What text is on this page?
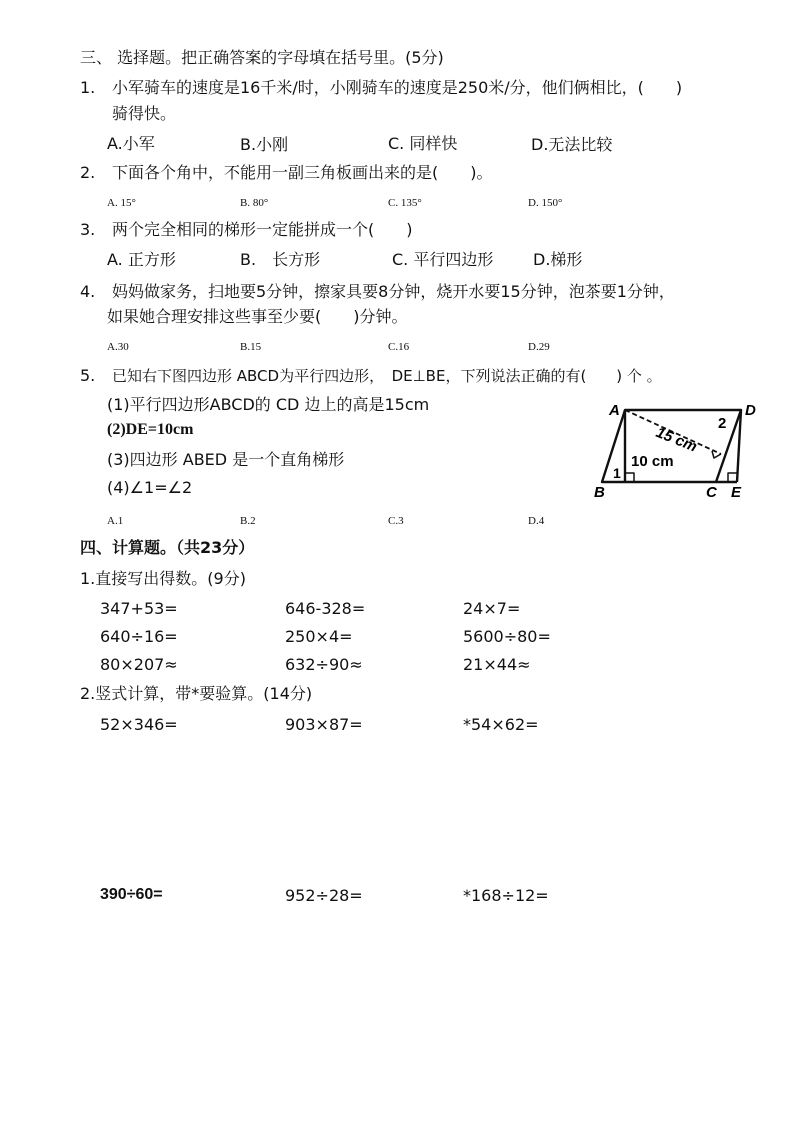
三、 选择题。把正确答案的字母填在括号里。(5分)
1. 小军骑车的速度是16千米/时，小刚骑车的速度是250米/分，他们俩相比，(　　)
骑得快。
A.小军	B.小刚	C. 同样快	D.无法比较
2. 下面各个角中，不能用一副三角板画出来的是(　　)。
A. 15°	B. 80°	C. 135°	D. 150°
3. 两个完全相同的梯形一定能拼成一个(　　)
A. 正方形	B.　长方形	C. 平行四边形 D.梯形
4. 妈妈做家务，扫地要5分钟，擦家具要8分钟，烧开水要15分钟，泡茶要1分钟，
如果她合理安排这些事至少要(　　)分钟。
A.30	B.15	C.16	D.29
5. 已知右下图四边形 ABCD为平行四边形，　DE⊥BE，下列说法正确的有(　　) 个 。
(1)平行四边形ABCD的 CD 边上的高是15cm
(2)DE=10cm
(3)四边形 ABED 是一个直角梯形
(4)∠1=∠2
A.1	B.2	C.3	D.4
A	D
B	C E
15 cm
10 cm
1
2
四、计算题。（共23分）
1.直接写出得数。(9分)
347+53=	646-328=	24×7=
640÷16=	250×4=	5600÷80=
80×207≈	632÷90≈	21×44≈
2.竖式计算，带*要验算。(14分)
52×346=	903×87=	*54×62=
390÷60=	952÷28=	*168÷12=
